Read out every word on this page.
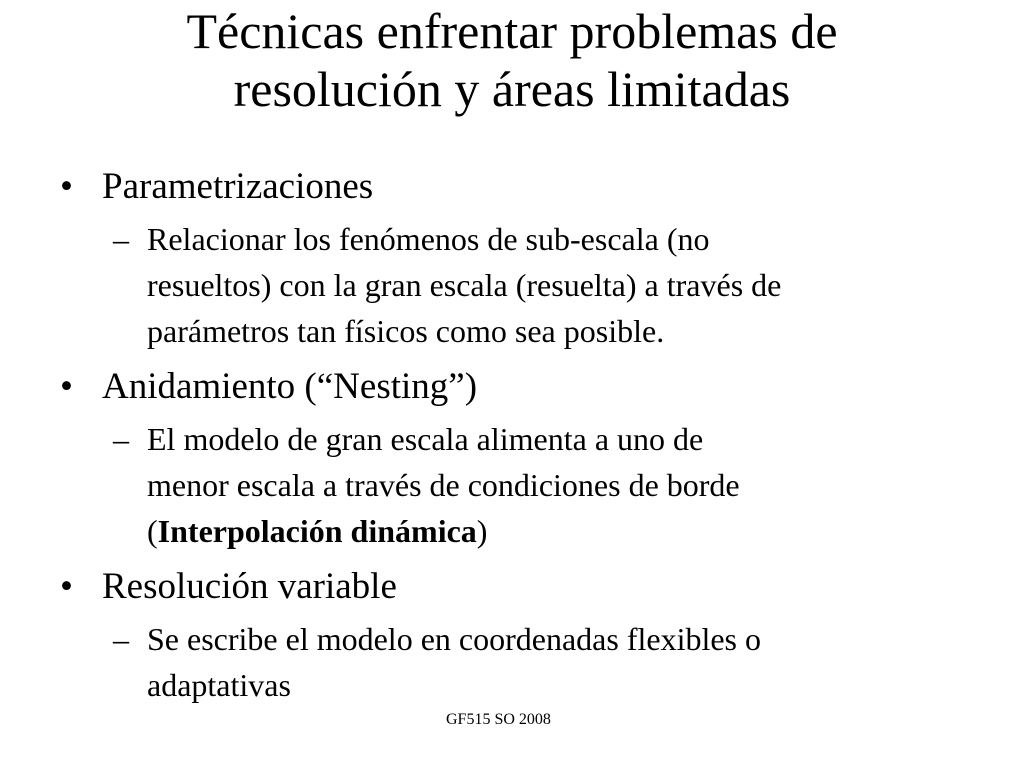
Técnicas enfrentar problemas de
resolución y áreas limitadas

• Parametrizaciones

– Relacionar los fenómenos de sub-escala (no
resueltos) con la gran escala (resuelta) a través de
parámetros tan físicos como sea posible.

• Anidamiento (“Nesting”)

– El modelo de gran escala alimenta a uno de
menor escala a través de condiciones de borde
(Interpolación dinámica)

• Resolución variable

– Se escribe el modelo en coordenadas flexibles o
adaptativas

GF515 SO 2008
